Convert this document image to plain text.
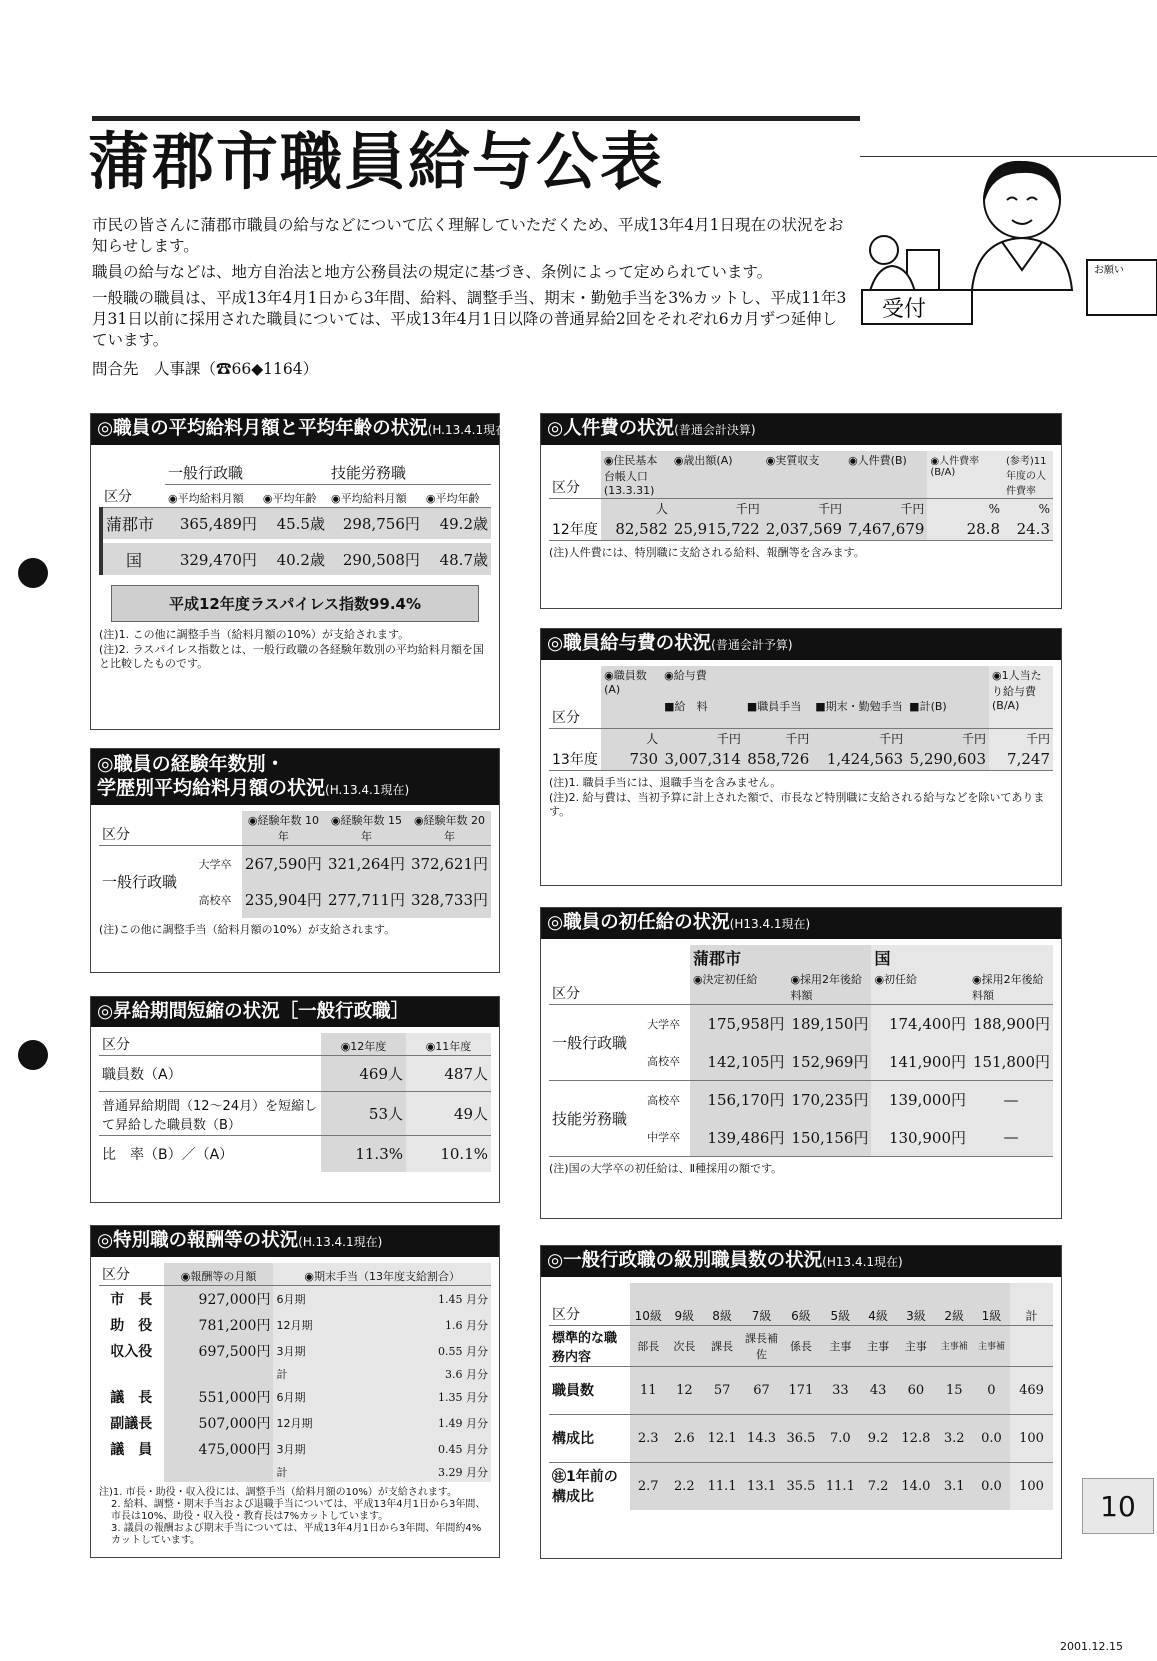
蒲郡市職員給与公表

市民の皆さんに蒲郡市職員の給与などについて広く理解していただくため、平成13年4月1日現在の状況をお知らせします。

職員の給与などは、地方自治法と地方公務員法の規定に基づき、条例によって定められています。

一般職の職員は、平成13年4月1日から3年間、給料、調整手当、期末・勤勉手当を3%カットし、平成11年3月31日以前に採用された職員については、平成13年4月1日以降の普通昇給2回をそれぞれ6カ月ずつ延伸しています。

問合先　人事課（☎66◆1164）

受付
お願い
◎職員の平均給料月額と平均年齢の状況(H.13.4.1現在)
	一般行政職		技能労務職	
区分	◉平均給料月額	◉平均年齢	◉平均給料月額	◉平均年齢
蒲郡市	365,489円	45.5歳	298,756円	49.2歳
国	329,470円	40.2歳	290,508円	48.7歳
平成12年度ラスパイレス指数99.4%
(注)1. この他に調整手当（給料月額の10%）が支給されます。
(注)2. ラスパイレス指数とは、一般行政職の各経験年数別の平均給料月額を国と比較したものです。
◎職員の経験年数別・
学歴別平均給料月額の状況(H.13.4.1現在)
区分		◉経験年数 10年	◉経験年数 15年	◉経験年数 20年
一般行政職	大学卒	267,590円	321,264円	372,621円
	高校卒	235,904円	277,711円	328,733円
(注)この他に調整手当（給料月額の10%）が支給されます。
◎昇給期間短縮の状況［一般行政職］
区分	◉12年度	◉11年度
職員数（A）	469人	487人
普通昇給期間（12〜24月）を短縮して昇給した職員数（B）	53人	49人
比　率（B）／（A）	11.3%	10.1%
◎特別職の報酬等の状況(H.13.4.1現在)
区分	◉報酬等の月額	◉期末手当（13年度支給割合）	
市　長	927,000円	6月期	1.45 月分
助　役	781,200円	12月期	1.6 月分
収入役	697,500円	3月期	0.55 月分
		計	3.6 月分
議　長	551,000円	6月期	1.35 月分
副議長	507,000円	12月期	1.49 月分
議　員	475,000円	3月期	0.45 月分
		計	3.29 月分
注)1. 市長・助役・収入役には、調整手当（給料月額の10%）が支給されます。
2. 給料、調整・期末手当および退職手当については、平成13年4月1日から3年間、市長は10%、助役・収入役・教育長は7%カットしています。
3. 議員の報酬および期末手当については、平成13年4月1日から3年間、年間約4%カットしています。
◎人件費の状況(普通会計決算)
区分	◉住民基本台帳人口(13.3.31)	◉歳出額(A)	◉実質収支	◉人件費(B)	◉人件費率(B/A)	(参考)11年度の人件費率
	人	千円	千円	千円	%	%
12年度	82,582	25,915,722	2,037,569	7,467,679	28.8	24.3
(注)人件費には、特別職に支給される給料、報酬等を含みます。
◎職員給与費の状況(普通会計予算)
区分	◉職員数(A)	◉給与費				◉1人当たり給与費(B/A)
		■給　料	■職員手当	■期末・勤勉手当	■計(B)	
	人	千円	千円	千円	千円	千円
13年度	730	3,007,314	858,726	1,424,563	5,290,603	7,247
(注)1. 職員手当には、退職手当を含みません。
(注)2. 給与費は、当初予算に計上された額で、市長など特別職に支給される給与などを除いてあります。
◎職員の初任給の状況(H13.4.1現在)
		蒲郡市		国	
区分		◉決定初任給	◉採用2年後給料額	◉初任給	◉採用2年後給料額
一般行政職	大学卒	175,958円	189,150円	174,400円	188,900円
	高校卒	142,105円	152,969円	141,900円	151,800円
技能労務職	高校卒	156,170円	170,235円	139,000円	—
	中学卒	139,486円	150,156円	130,900円	—
(注)国の大学卒の初任給は、Ⅱ種採用の額です。
◎一般行政職の級別職員数の状況(H13.4.1現在)
区分	10級	9級	8級	7級	6級	5級	4級	3級	2級	1級	計
標準的な職務内容	部長	次長	課長	課長補佐	係長	主事	主事	主事	主事補	主事補	
職員数	11	12	57	67	171	33	43	60	15	0	469
構成比	2.3	2.6	12.1	14.3	36.5	7.0	9.2	12.8	3.2	0.0	100
㊟1年前の構成比	2.7	2.2	11.1	13.1	35.5	11.1	7.2	14.0	3.1	0.0	100
10
2001.12.15
